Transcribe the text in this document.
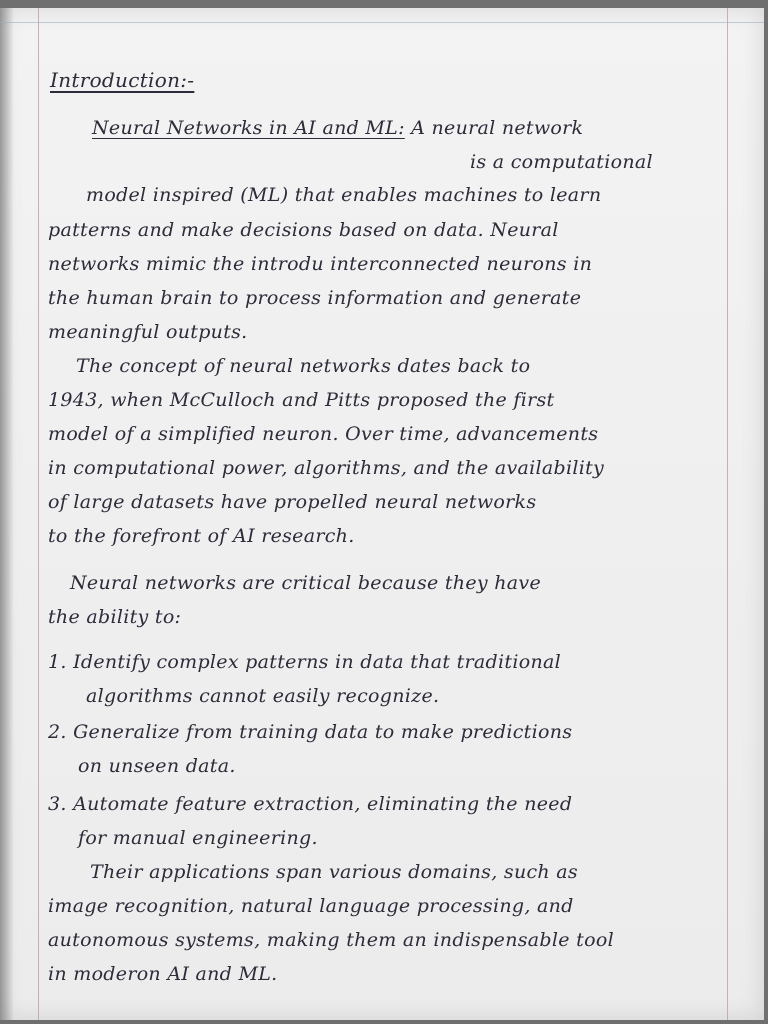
Introduction:-
Neural Networks in AI and ML: A neural network
is a computational
model inspired (ML) that enables machines to learn
patterns and make decisions based on data. Neural
networks mimic the introdu interconnected neurons in
the human brain to process information and generate
meaningful outputs.
The concept of neural networks dates back to
1943, when McCulloch and Pitts proposed the first
model of a simplified neuron. Over time, advancements
in computational power, algorithms, and the availability
of large datasets have propelled neural networks
to the forefront of AI research.
Neural networks are critical because they have
the ability to:
1. Identify complex patterns in data that traditional
algorithms cannot easily recognize.
2. Generalize from training data to make predictions
on unseen data.
3. Automate feature extraction, eliminating the need
for manual engineering.
Their applications span various domains, such as
image recognition, natural language processing, and
autonomous systems, making them an indispensable tool
in moderon AI and ML.
